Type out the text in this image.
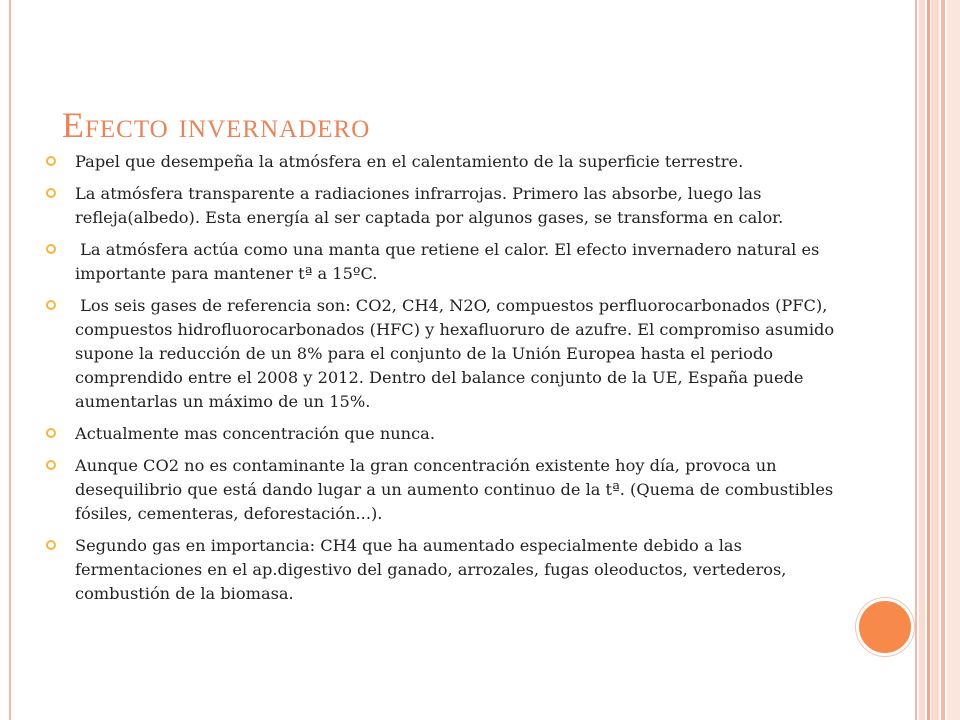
Efecto invernadero
Papel que desempeña la atmósfera en el calentamiento de la superficie terrestre.
La atmósfera transparente a radiaciones infrarrojas. Primero las absorbe, luego las refleja(albedo). Esta energía al ser captada por algunos gases, se transforma en calor.
La atmósfera actúa como una manta que retiene el calor. El efecto invernadero natural es importante para mantener tª a 15ºC.
Los seis gases de referencia son: CO2, CH4, N2O, compuestos perfluorocarbonados (PFC), compuestos hidrofluorocarbonados (HFC) y hexafluoruro de azufre. El compromiso asumido supone la reducción de un 8% para el conjunto de la Unión Europea hasta el periodo comprendido entre el 2008 y 2012. Dentro del balance conjunto de la UE, España puede aumentarlas un máximo de un 15%.
Actualmente mas concentración que nunca.
Aunque CO2 no es contaminante la gran concentración existente hoy día, provoca un desequilibrio que está dando lugar a un aumento continuo de la tª. (Quema de combustibles fósiles, cementeras, deforestación...).
Segundo gas en importancia: CH4 que ha aumentado especialmente debido a las fermentaciones en el ap.digestivo del ganado, arrozales, fugas oleoductos, vertederos, combustión de la biomasa.
